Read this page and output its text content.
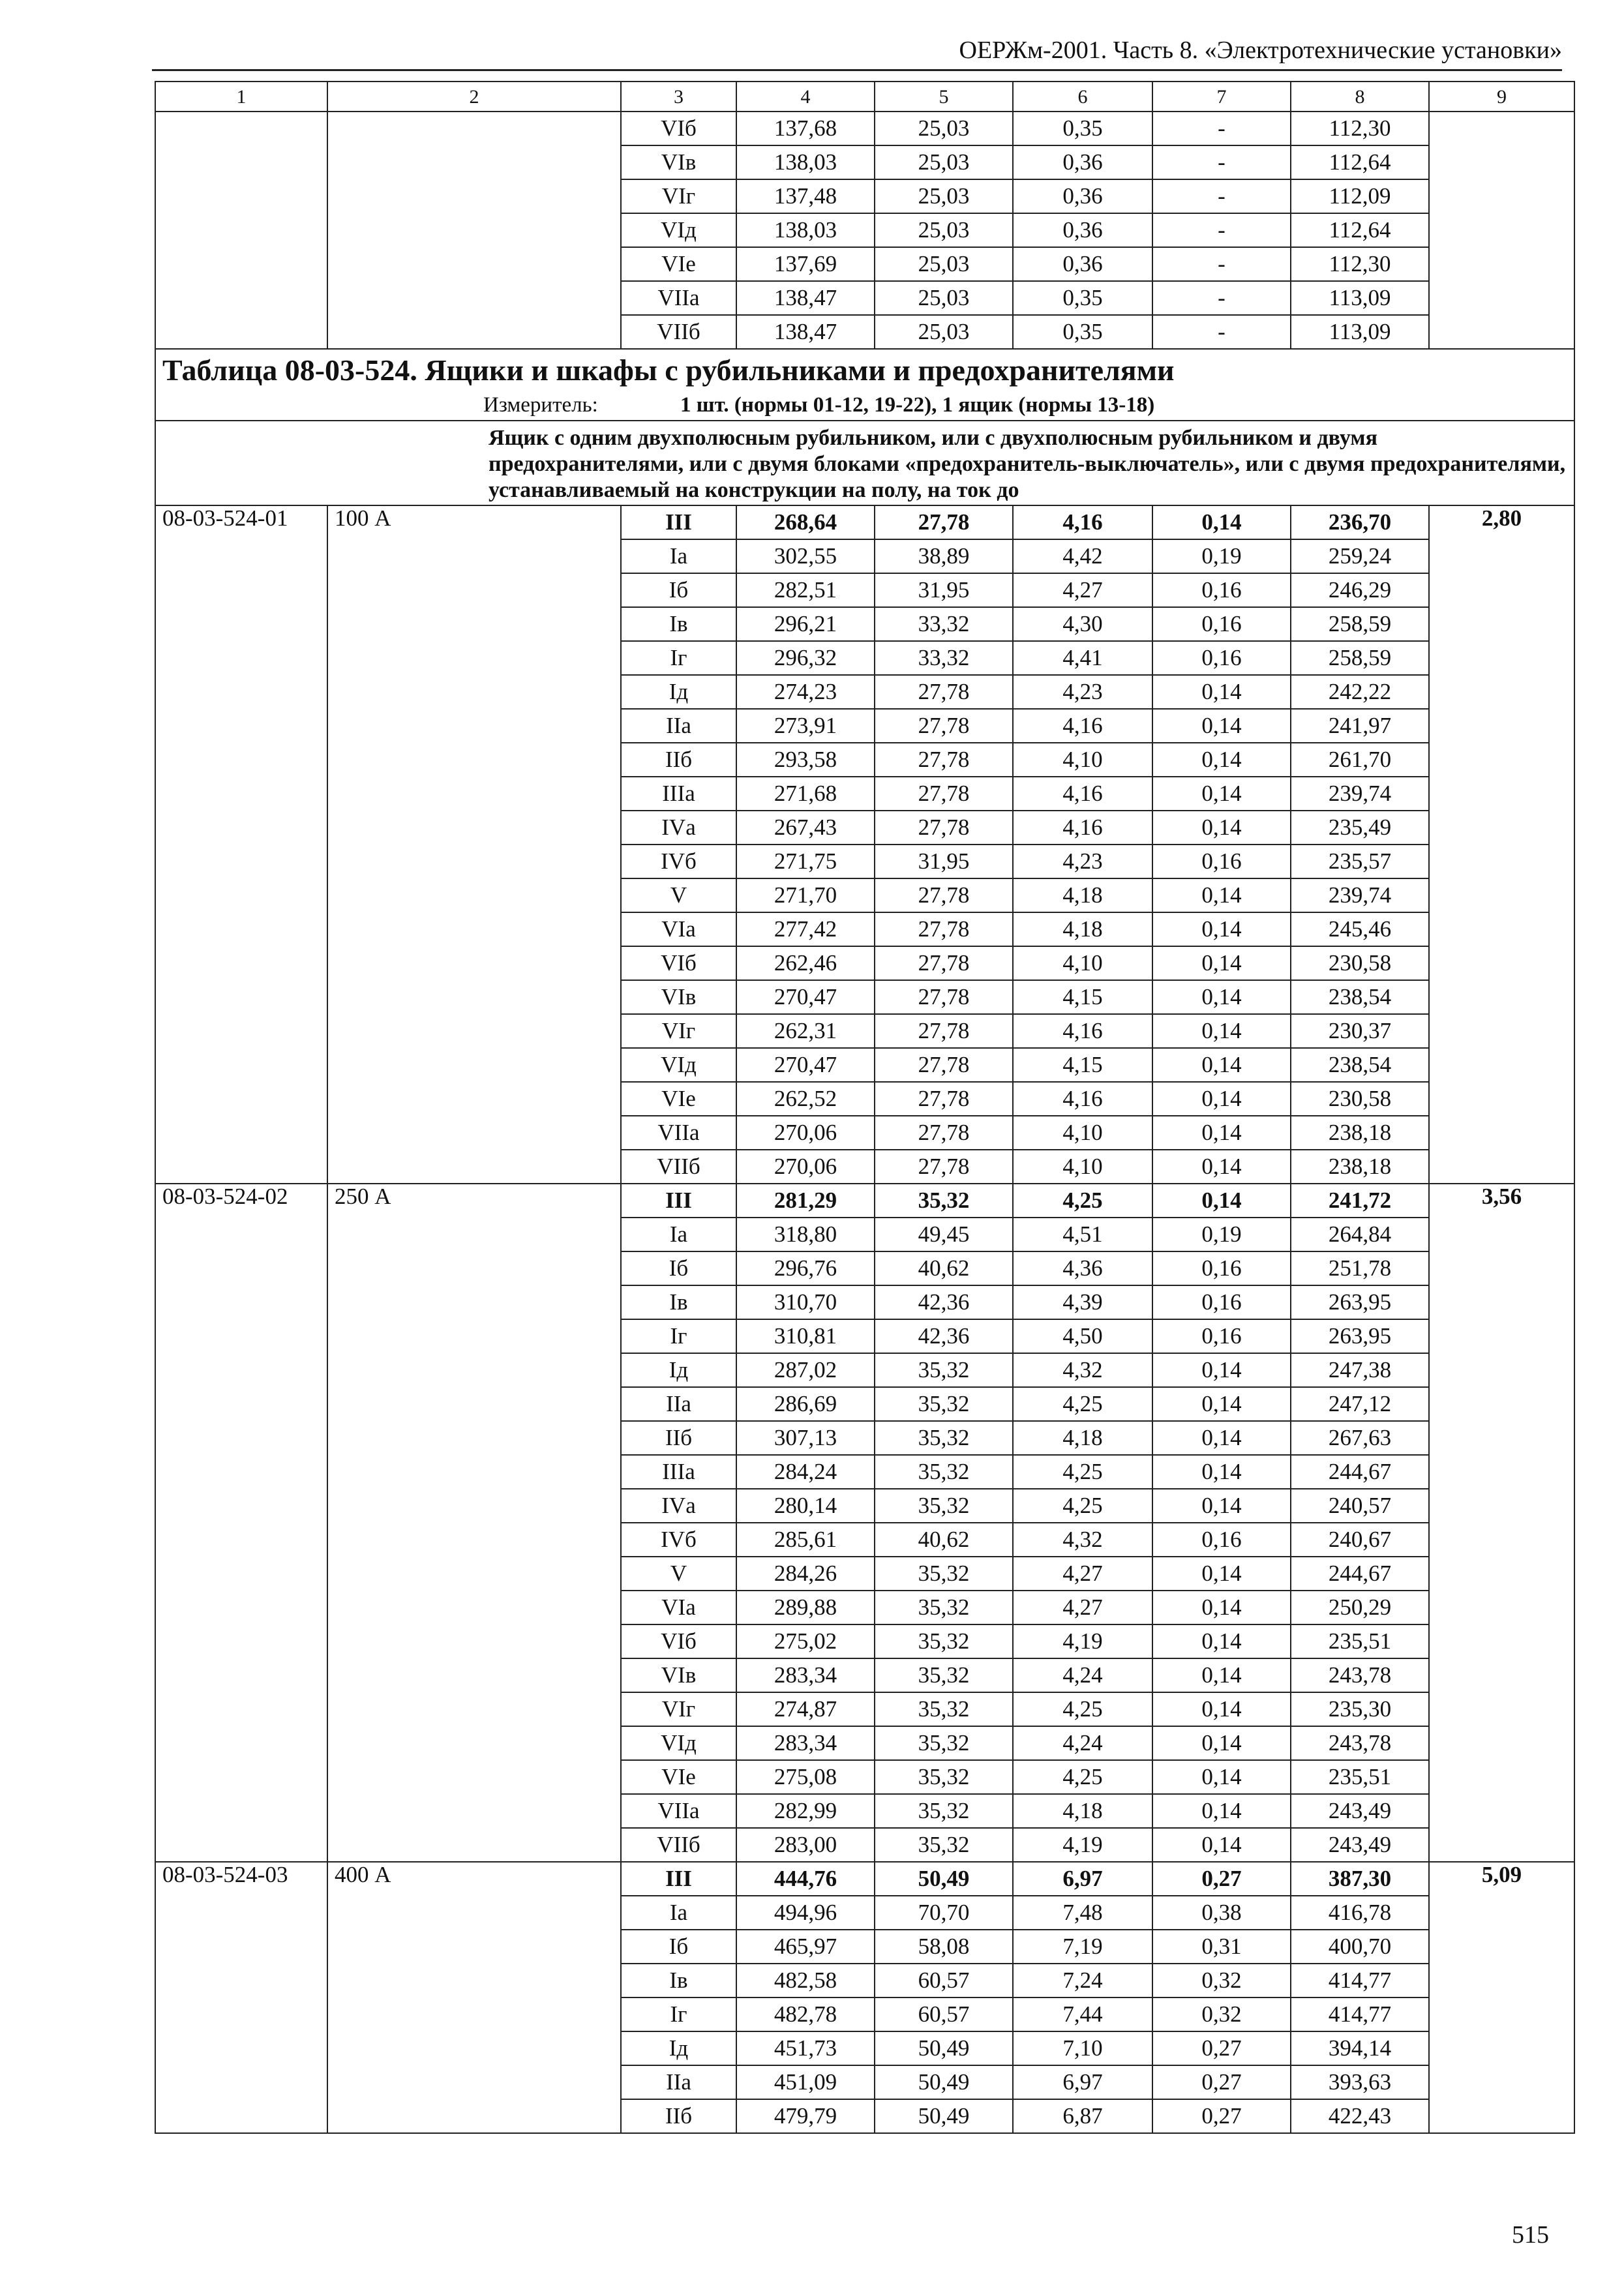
ОЕРЖм-2001. Часть 8. «Электротехнические установки»
1	2	3	4	5	6	7	8	9
		VIб	137,68	25,03	0,35	-	112,30	
		VIв	138,03	25,03	0,36	-	112,64	
		VIг	137,48	25,03	0,36	-	112,09	
		VIд	138,03	25,03	0,36	-	112,64	
		VIе	137,69	25,03	0,36	-	112,30	
		VIIа	138,47	25,03	0,35	-	113,09	
		VIIб	138,47	25,03	0,35	-	113,09	

Таблица 08-03-524. Ящики и шкафы с рубильниками и предохранителями
Измеритель: 1 шт. (нормы 01-12, 19-22), 1 ящик (нормы 13-18)								

Ящик с одним двухполюсным рубильником, или с двухполюсным рубильником и двумя предохранителями, или с двумя блоками «предохранитель-выключатель», или с двумя предохранителями, устанавливаемый на конструкции на полу, на ток до								
08-03-524-01	100 А	III	268,64	27,78	4,16	0,14	236,70	2,80
		Iа	302,55	38,89	4,42	0,19	259,24	
		Iб	282,51	31,95	4,27	0,16	246,29	
		Iв	296,21	33,32	4,30	0,16	258,59	
		Iг	296,32	33,32	4,41	0,16	258,59	
		Iд	274,23	27,78	4,23	0,14	242,22	
		IIа	273,91	27,78	4,16	0,14	241,97	
		IIб	293,58	27,78	4,10	0,14	261,70	
		IIIа	271,68	27,78	4,16	0,14	239,74	
		IVа	267,43	27,78	4,16	0,14	235,49	
		IVб	271,75	31,95	4,23	0,16	235,57	
		V	271,70	27,78	4,18	0,14	239,74	
		VIа	277,42	27,78	4,18	0,14	245,46	
		VIб	262,46	27,78	4,10	0,14	230,58	
		VIв	270,47	27,78	4,15	0,14	238,54	
		VIг	262,31	27,78	4,16	0,14	230,37	
		VIд	270,47	27,78	4,15	0,14	238,54	
		VIе	262,52	27,78	4,16	0,14	230,58	
		VIIа	270,06	27,78	4,10	0,14	238,18	
		VIIб	270,06	27,78	4,10	0,14	238,18	
08-03-524-02	250 А	III	281,29	35,32	4,25	0,14	241,72	3,56
		Iа	318,80	49,45	4,51	0,19	264,84	
		Iб	296,76	40,62	4,36	0,16	251,78	
		Iв	310,70	42,36	4,39	0,16	263,95	
		Iг	310,81	42,36	4,50	0,16	263,95	
		Iд	287,02	35,32	4,32	0,14	247,38	
		IIа	286,69	35,32	4,25	0,14	247,12	
		IIб	307,13	35,32	4,18	0,14	267,63	
		IIIа	284,24	35,32	4,25	0,14	244,67	
		IVа	280,14	35,32	4,25	0,14	240,57	
		IVб	285,61	40,62	4,32	0,16	240,67	
		V	284,26	35,32	4,27	0,14	244,67	
		VIа	289,88	35,32	4,27	0,14	250,29	
		VIб	275,02	35,32	4,19	0,14	235,51	
		VIв	283,34	35,32	4,24	0,14	243,78	
		VIг	274,87	35,32	4,25	0,14	235,30	
		VIд	283,34	35,32	4,24	0,14	243,78	
		VIе	275,08	35,32	4,25	0,14	235,51	
		VIIа	282,99	35,32	4,18	0,14	243,49	
		VIIб	283,00	35,32	4,19	0,14	243,49	
08-03-524-03	400 А	III	444,76	50,49	6,97	0,27	387,30	5,09
		Iа	494,96	70,70	7,48	0,38	416,78	
		Iб	465,97	58,08	7,19	0,31	400,70	
		Iв	482,58	60,57	7,24	0,32	414,77	
		Iг	482,78	60,57	7,44	0,32	414,77	
		Iд	451,73	50,49	7,10	0,27	394,14	
		IIа	451,09	50,49	6,97	0,27	393,63	
		IIб	479,79	50,49	6,87	0,27	422,43	
515
